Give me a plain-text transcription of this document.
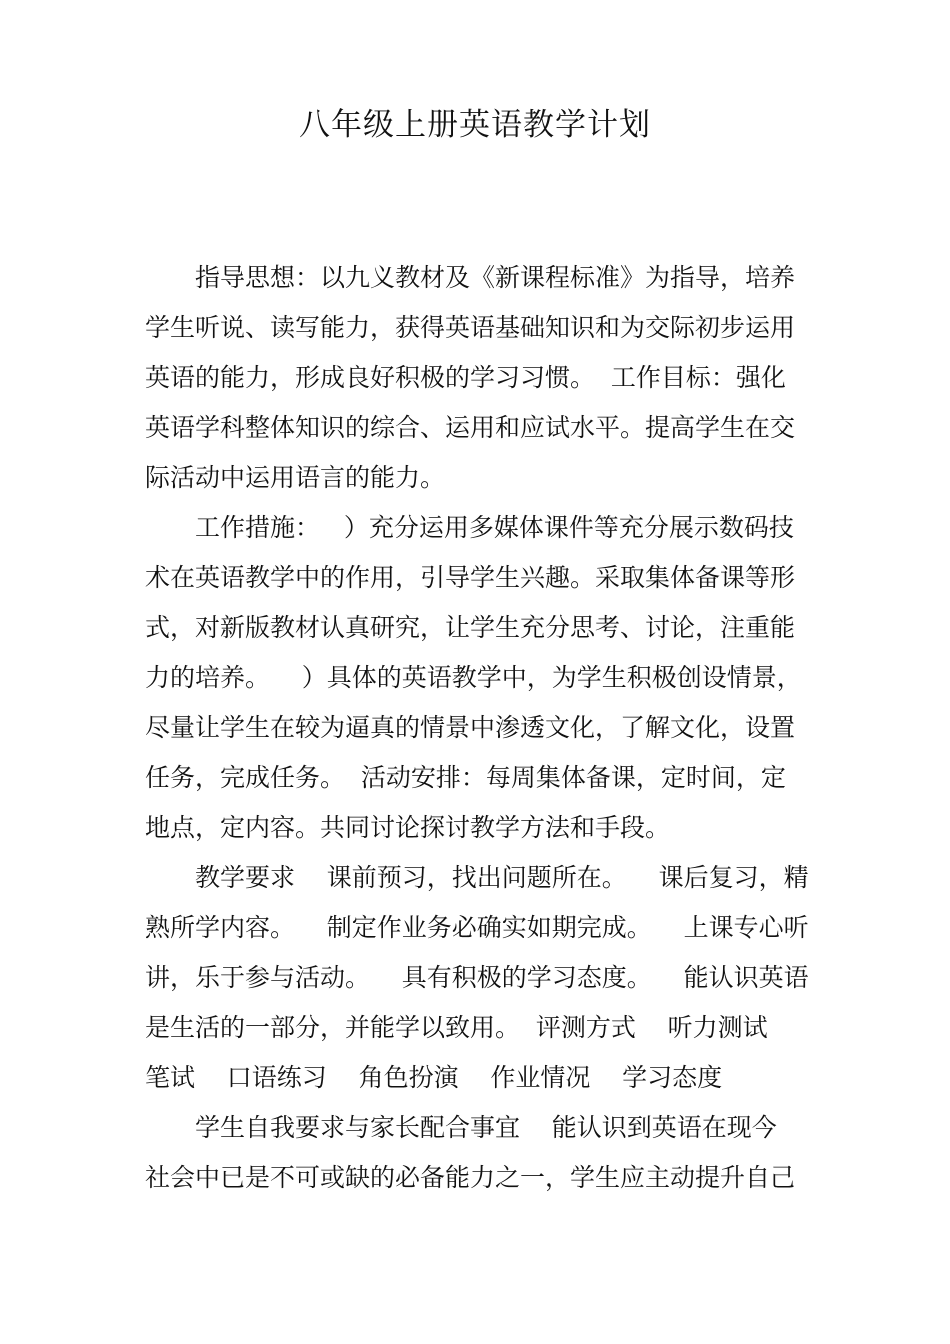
八年级上册英语教学计划

指导思想：以九义教材及《新课程标准》为指导，培养

学生听说、读写能力，获得英语基础知识和为交际初步运用

英语的能力，形成良好积极的学习习惯。  工作目标：强化

英语学科整体知识的综合、运用和应试水平。提高学生在交

际活动中运用语言的能力。

工作措施：   ）充分运用多媒体课件等充分展示数码技

术在英语教学中的作用，引导学生兴趣。采取集体备课等形

式，对新版教材认真研究，让学生充分思考、讨论，注重能

力的培养。    ）具体的英语教学中，为学生积极创设情景，

尽量让学生在较为逼真的情景中渗透文化，了解文化，设置

任务，完成任务。  活动安排：每周集体备课，定时间，定

地点，定内容。共同讨论探讨教学方法和手段。

教学要求    课前预习，找出问题所在。    课后复习，精

熟所学内容。    制定作业务必确实如期完成。    上课专心听

讲，乐于参与活动。    具有积极的学习态度。    能认识英语

是生活的一部分，并能学以致用。  评测方式    听力测试

笔试    口语练习    角色扮演    作业情况    学习态度

学生自我要求与家长配合事宜    能认识到英语在现今

社会中已是不可或缺的必备能力之一，学生应主动提升自己
